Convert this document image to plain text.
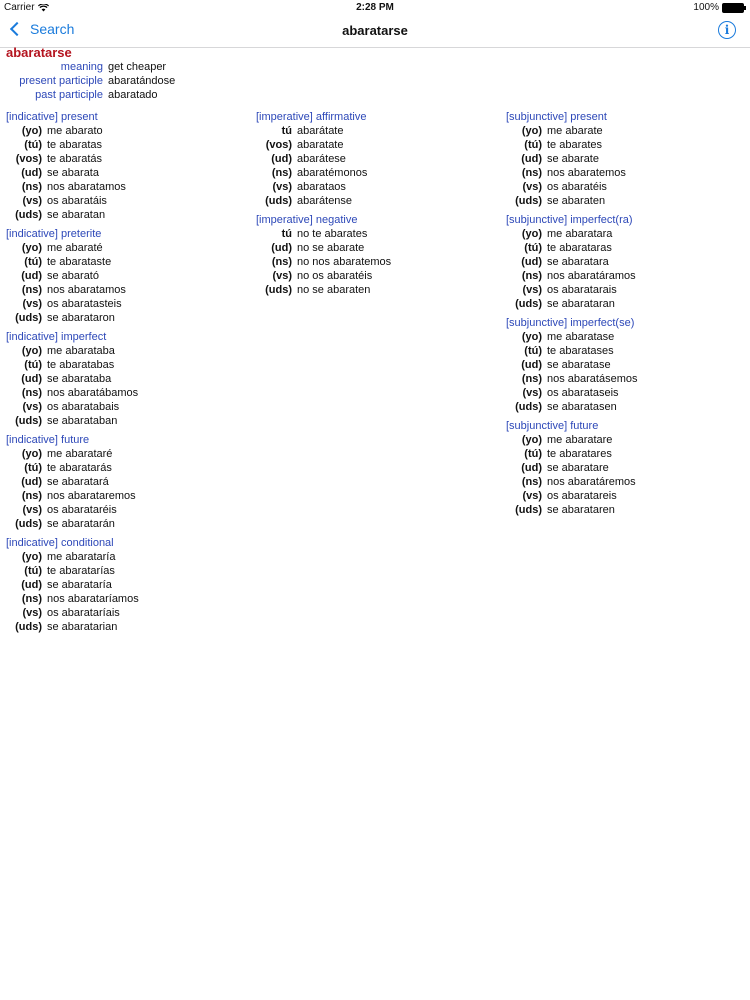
Carrier	2:28 PM	100%
Search	abaratarse	i
abaratarse
meaning get cheaper
present participle abaratándose
past participle abaratado
[indicative] present
(yo) me abarato
(tú) te abaratas
(vos) te abaratás
(ud) se abarata
(ns) nos abaratamos
(vs) os abaratáis
(uds) se abaratan
[indicative] preterite
(yo) me abaraté
(tú) te abarataste
(ud) se abarató
(ns) nos abaratamos
(vs) os abaratasteis
(uds) se abarataron
[indicative] imperfect
(yo) me abarataba
(tú) te abaratabas
(ud) se abarataba
(ns) nos abaratábamos
(vs) os abaratabais
(uds) se abarataban
[indicative] future
(yo) me abarataré
(tú) te abaratarás
(ud) se abaratará
(ns) nos abarataremos
(vs) os abarataréis
(uds) se abaratarán
[indicative] conditional
(yo) me abarataría
(tú) te abaratarías
(ud) se abarataría
(ns) nos abarataríamos
(vs) os abarataríais
(uds) se abaratarian
[imperative] affirmative
tú abarátate
(vos) abaratate
(ud) abarátese
(ns) abaratémonos
(vs) abarataos
(uds) abarátense
[imperative] negative
tú no te abarates
(ud) no se abarate
(ns) no nos abaratemos
(vs) no os abaratéis
(uds) no se abaraten
[subjunctive] present
(yo) me abarate
(tú) te abarates
(ud) se abarate
(ns) nos abaratemos
(vs) os abaratéis
(uds) se abaraten
[subjunctive] imperfect(ra)
(yo) me abaratara
(tú) te abarataras
(ud) se abaratara
(ns) nos abaratáramos
(vs) os abaratarais
(uds) se abarataran
[subjunctive] imperfect(se)
(yo) me abaratase
(tú) te abaratases
(ud) se abaratase
(ns) nos abaratásemos
(vs) os abarataseis
(uds) se abaratasen
[subjunctive] future
(yo) me abaratare
(tú) te abaratares
(ud) se abaratare
(ns) nos abaratáremos
(vs) os abaratareis
(uds) se abarataren
